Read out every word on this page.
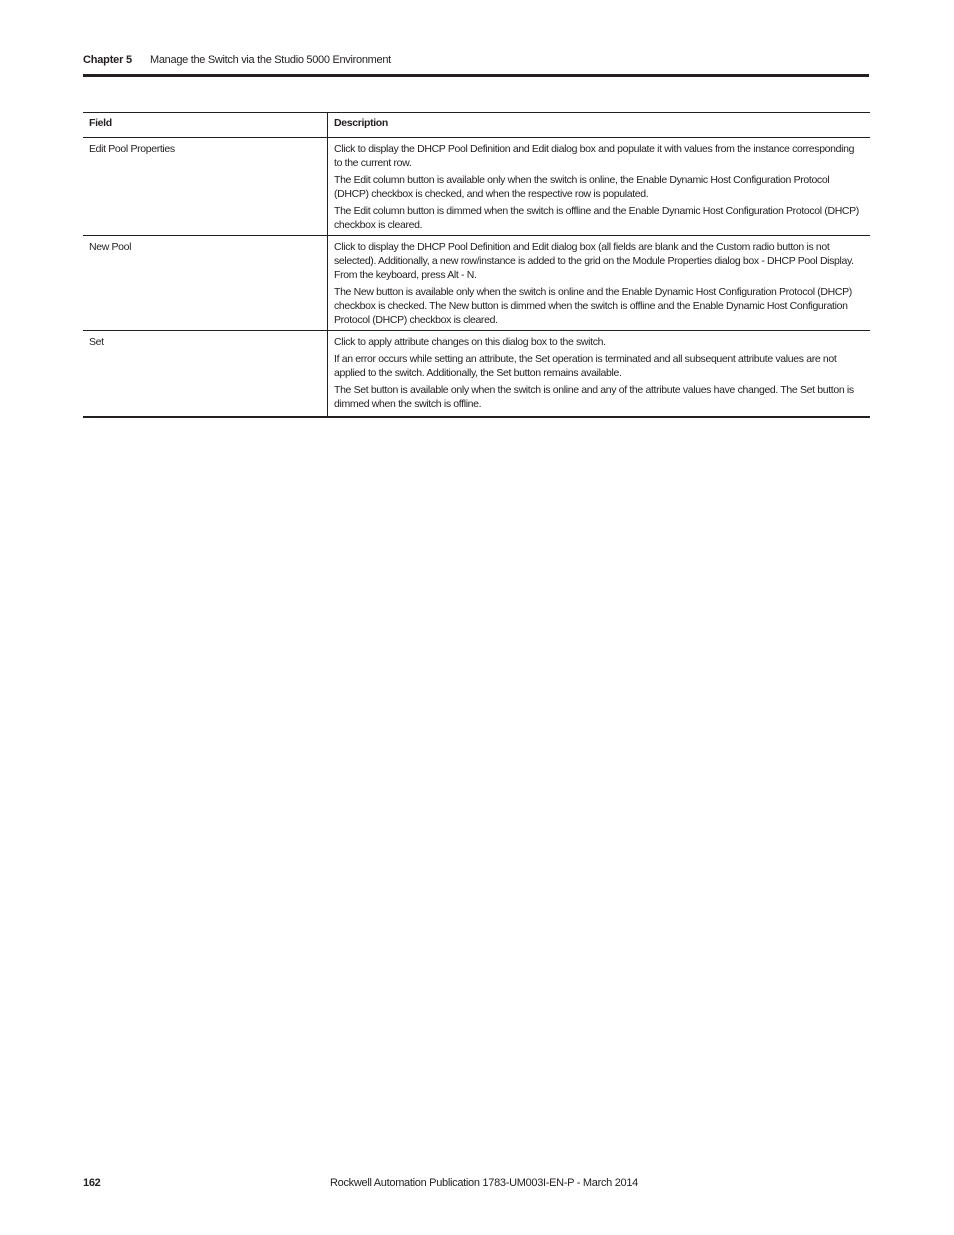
Chapter 5 Manage the Switch via the Studio 5000 Environment
Field	Description
Edit Pool Properties	Click to display the DHCP Pool Definition and Edit dialog box and populate it with values from the instance corresponding to the current row.

The Edit column button is available only when the switch is online, the Enable Dynamic Host Configuration Protocol (DHCP) checkbox is checked, and when the respective row is populated.

The Edit column button is dimmed when the switch is offline and the Enable Dynamic Host Configuration Protocol (DHCP) checkbox is cleared.

New Pool	Click to display the DHCP Pool Definition and Edit dialog box (all fields are blank and the Custom radio button is not selected). Additionally, a new row/instance is added to the grid on the Module Properties dialog box - DHCP Pool Display. From the keyboard, press Alt - N.

The New button is available only when the switch is online and the Enable Dynamic Host Configuration Protocol (DHCP) checkbox is checked. The New button is dimmed when the switch is offline and the Enable Dynamic Host Configuration Protocol (DHCP) checkbox is cleared.

Set	Click to apply attribute changes on this dialog box to the switch.

If an error occurs while setting an attribute, the Set operation is terminated and all subsequent attribute values are not applied to the switch. Additionally, the Set button remains available.

The Set button is available only when the switch is online and any of the attribute values have changed. The Set button is dimmed when the switch is offline.

162	Rockwell Automation Publication 1783-UM003I-EN-P - March 2014
